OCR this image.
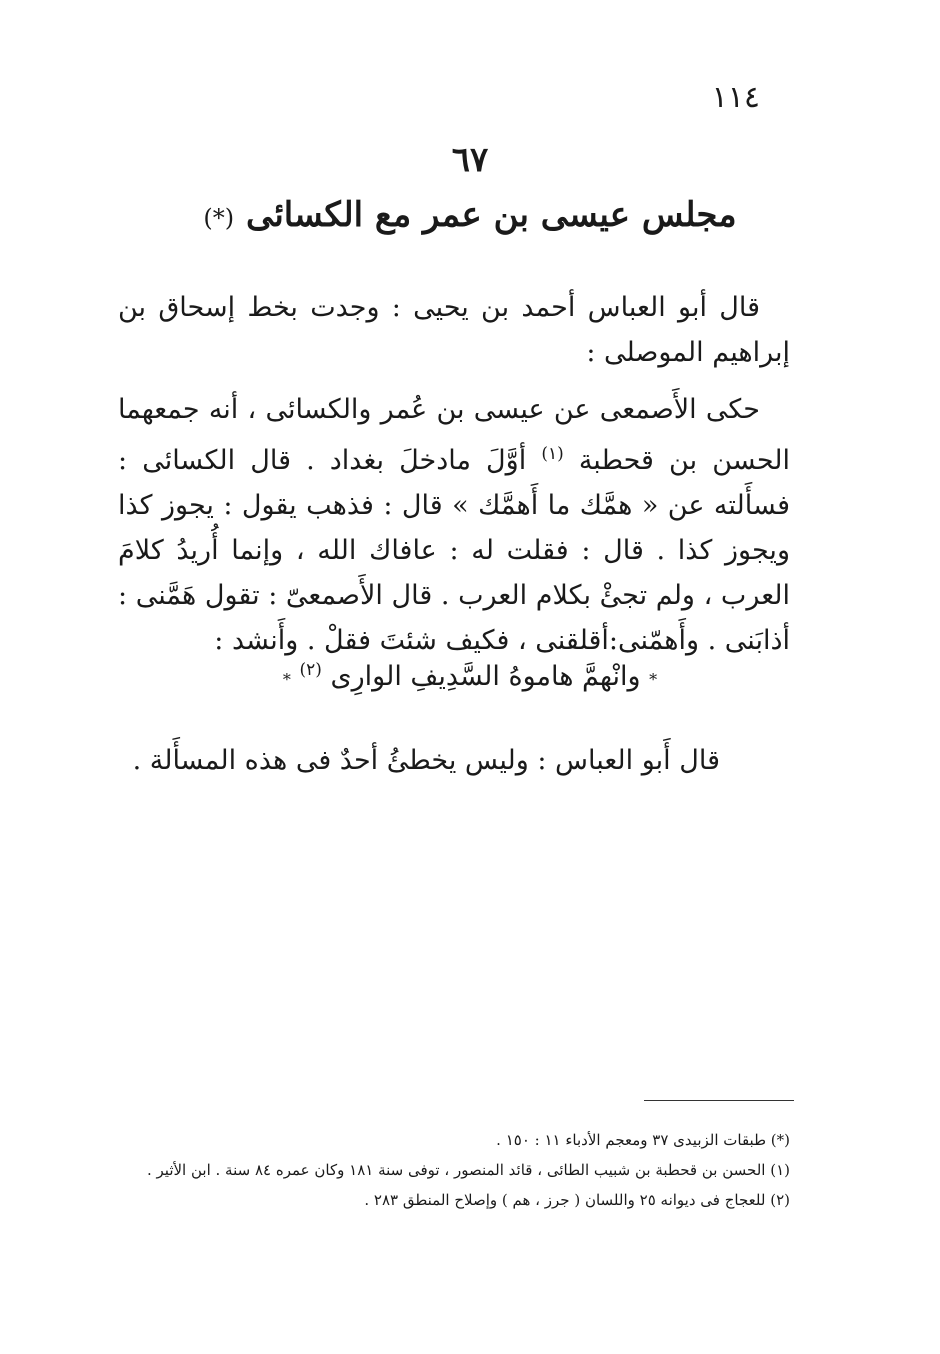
١١٤
٦٧
مجلس عيسى بن عمر مع الكسائى (*)

قال أبو العباس أحمد بن يحيى : وجدت بخط إسحاق بن إبراهيم الموصلى :

حكى الأَصمعى عن عيسى بن عُمر والكسائى ، أنه جمعهما الحسن بن قحطبة $^{(١)}$ أوَّلَ مادخلَ بغداد . قال الكسائى : فسأَلته عن « همَّك ما أَهمَّك » قال : فذهب يقول : يجوز كذا ويجوز كذا . قال : فقلت له : عافاك الله ، وإنما أُريدُ كلامَ العرب ، ولم تجئْ بكلام العرب . قال الأَصمعىّ : تقول هَمَّنى : أذابَنى . وأَهمّنى:أقلقنى ، فكيف شئتَ فقلْ . وأَنشد :

* وانْهمَّ هاموهُ السَّدِيفِ الوارِى $^{(٢)}$ *

قال أَبو العباس : وليس يخطئُ أحدٌ فى هذه المسأَلة .

(*) طبقات الزبيدى ٣٧ ومعجم الأدباء ١١ : ١٥٠ .

(١) الحسن بن قحطبة بن شبيب الطائى ، قائد المنصور ، توفى سنة ١٨١ وكان عمره ٨٤ سنة . ابن الأثير .

(٢) للعجاج فى ديوانه ٢٥ واللسان ( جرز ، هم ) وإصلاح المنطق ٢٨٣ .
